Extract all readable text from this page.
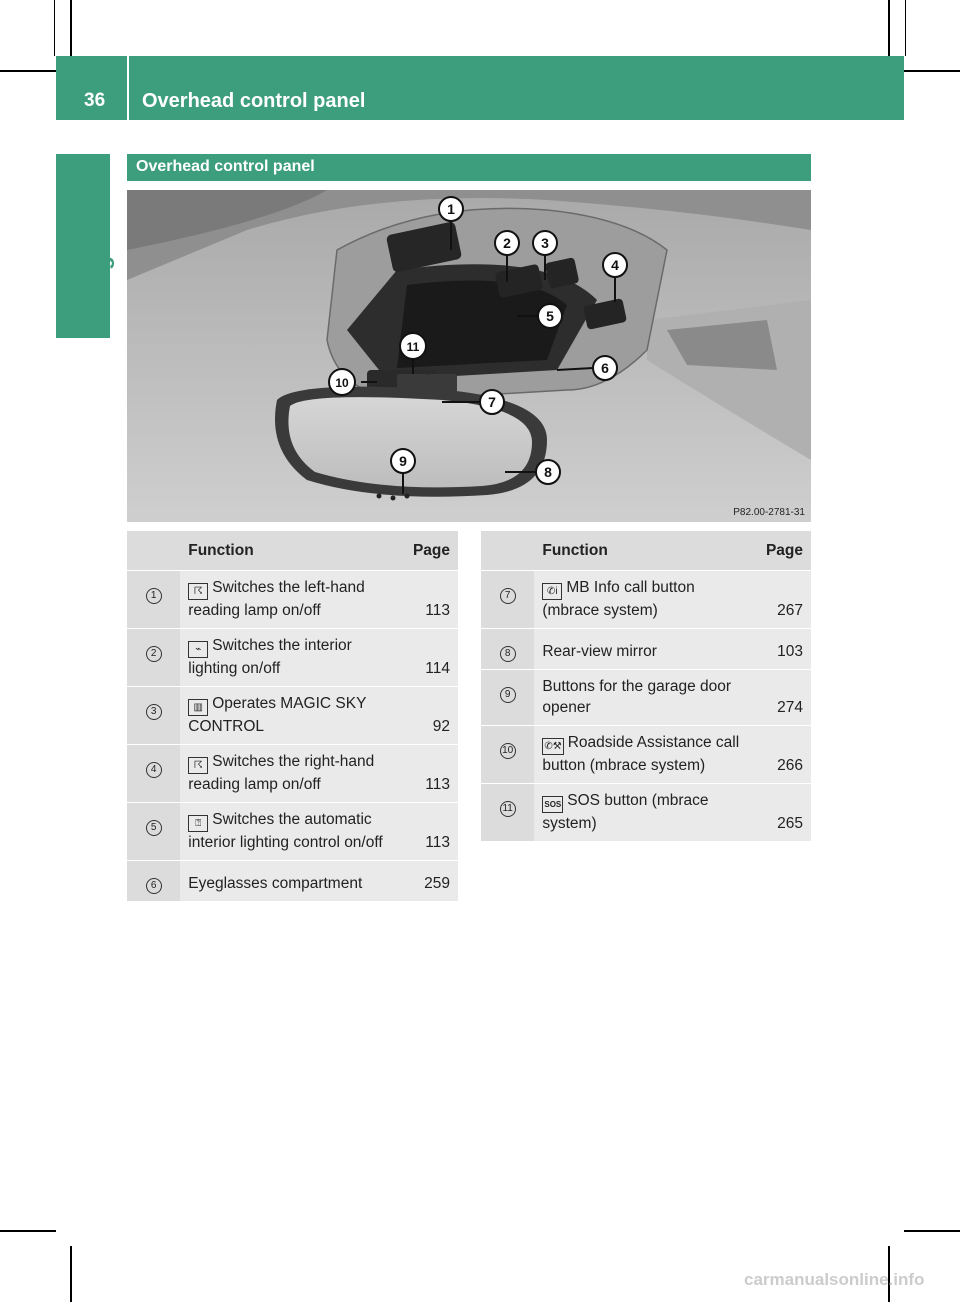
36 Overhead control panel
At a glance
Overhead control panel
1
2 3
4
5
6
7
8
9
10
11
P82.00-2781-31
	Function	Page
1	☈ Switches the left-hand reading lamp on/off	113
2	⌁ Switches the interior lighting on/off	114
3	▥ Operates MAGIC SKY CONTROL	92
4	☈ Switches the right-hand reading lamp on/off	113
5	⍰ Switches the automatic interior lighting control on/off	113
6	Eyeglasses compartment	259
	Function	Page
7	✆i MB Info call button (mbrace system)	267
8	Rear-view mirror	103
9	Buttons for the garage door opener	274
10	✆⚒ Roadside Assistance call button (mbrace system)	266
11	SOS SOS button (mbrace system)	265
carmanualsonline.info
